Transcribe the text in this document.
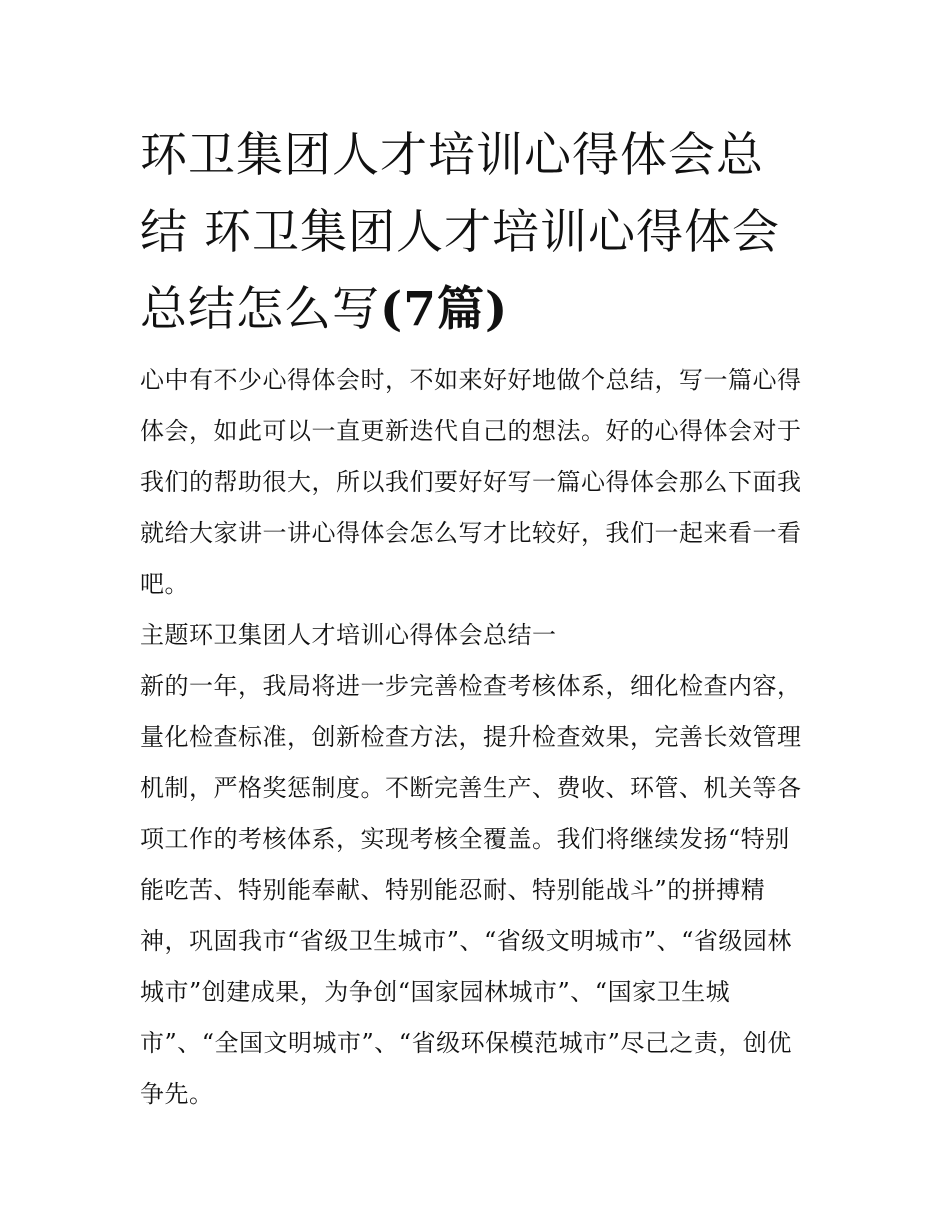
环卫集团人才培训心得体会总
结 环卫集团人才培训心得体会
总结怎么写(7篇)
心中有不少心得体会时，不如来好好地做个总结，写一篇心得
体会，如此可以一直更新迭代自己的想法。好的心得体会对于
我们的帮助很大，所以我们要好好写一篇心得体会那么下面我
就给大家讲一讲心得体会怎么写才比较好，我们一起来看一看
吧。
主题环卫集团人才培训心得体会总结一
新的一年，我局将进一步完善检查考核体系，细化检查内容，
量化检查标准，创新检查方法，提升检查效果，完善长效管理
机制，严格奖惩制度。不断完善生产、费收、环管、机关等各
项工作的考核体系，实现考核全覆盖。我们将继续发扬“特别
能吃苦、特别能奉献、特别能忍耐、特别能战斗”的拼搏精
神，巩固我市“省级卫生城市”、“省级文明城市”、“省级园林
城市”创建成果，为争创“国家园林城市”、“国家卫生城
市”、“全国文明城市”、“省级环保模范城市”尽己之责，创优
争先。
